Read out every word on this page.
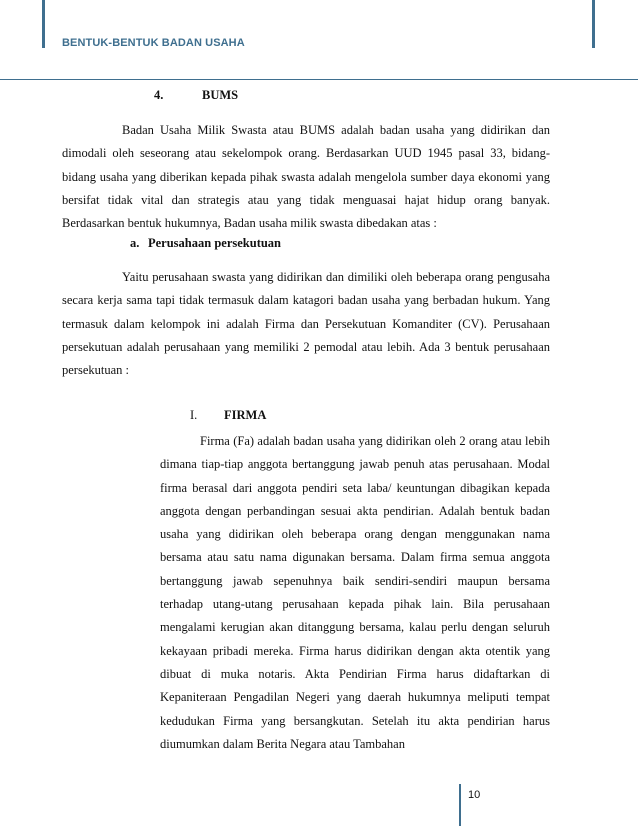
BENTUK-BENTUK BADAN USAHA
4.	BUMS

Badan Usaha Milik Swasta atau BUMS adalah badan usaha yang didirikan dan dimodali oleh seseorang atau sekelompok orang. Berdasarkan UUD 1945 pasal 33, bidang-bidang usaha yang diberikan kepada pihak swasta adalah mengelola sumber daya ekonomi yang bersifat tidak vital dan strategis atau yang tidak menguasai hajat hidup orang banyak. Berdasarkan bentuk hukumnya, Badan usaha milik swasta dibedakan atas :

a. Perusahaan persekutuan

Yaitu perusahaan swasta yang didirikan dan dimiliki oleh beberapa orang pengusaha secara kerja sama tapi tidak termasuk dalam katagori badan usaha yang berbadan hukum. Yang termasuk dalam kelompok ini adalah Firma dan Persekutuan Komanditer (CV). Perusahaan persekutuan adalah perusahaan yang memiliki 2 pemodal atau lebih. Ada 3 bentuk perusahaan persekutuan :

I. FIRMA

Firma (Fa) adalah badan usaha yang didirikan oleh 2 orang atau lebih dimana tiap-tiap anggota bertanggung jawab penuh atas perusahaan. Modal firma berasal dari anggota pendiri seta laba/ keuntungan dibagikan kepada anggota dengan perbandingan sesuai akta pendirian. Adalah bentuk badan usaha yang didirikan oleh beberapa orang dengan menggunakan nama bersama atau satu nama digunakan bersama. Dalam firma semua anggota bertanggung jawab sepenuhnya baik sendiri-sendiri maupun bersama terhadap utang-utang perusahaan kepada pihak lain. Bila perusahaan mengalami kerugian akan ditanggung bersama, kalau perlu dengan seluruh kekayaan pribadi mereka. Firma harus didirikan dengan akta otentik yang dibuat di muka notaris. Akta Pendirian Firma harus didaftarkan di Kepaniteraan Pengadilan Negeri yang daerah hukumnya meliputi tempat kedudukan Firma yang bersangkutan. Setelah itu akta pendirian harus diumumkan dalam Berita Negara atau Tambahan

10
